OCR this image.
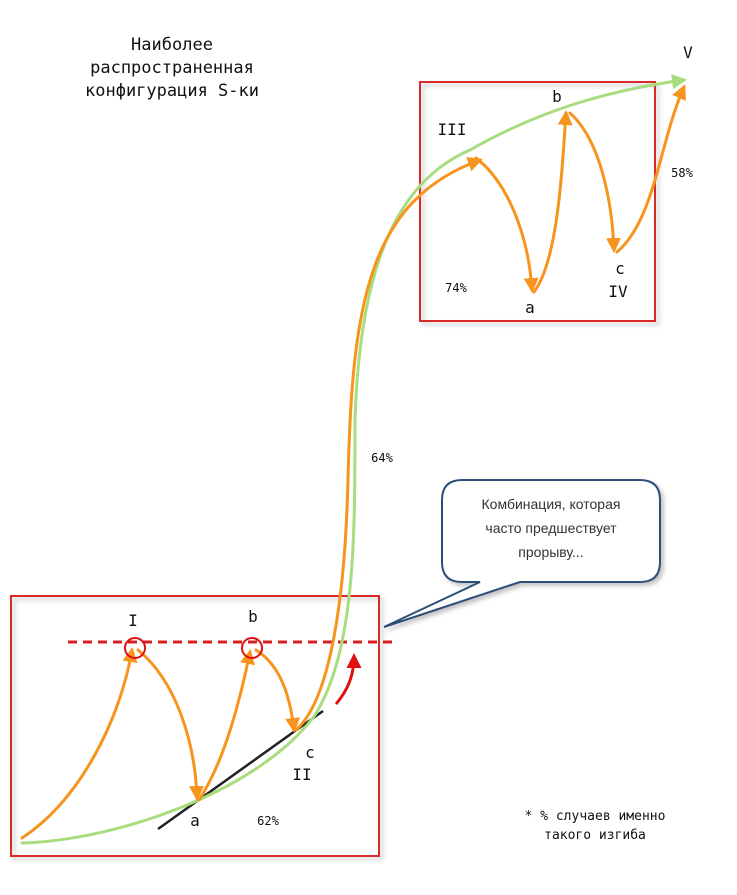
Наиболее
распространенная
конфигурация S-ки
I	b
a
c
II
III
a
b
c
IV
V
62%
64%
74%
58%
Комбинация, которая
часто предшествует
прорыву...
* % случаев именно
такого изгиба
